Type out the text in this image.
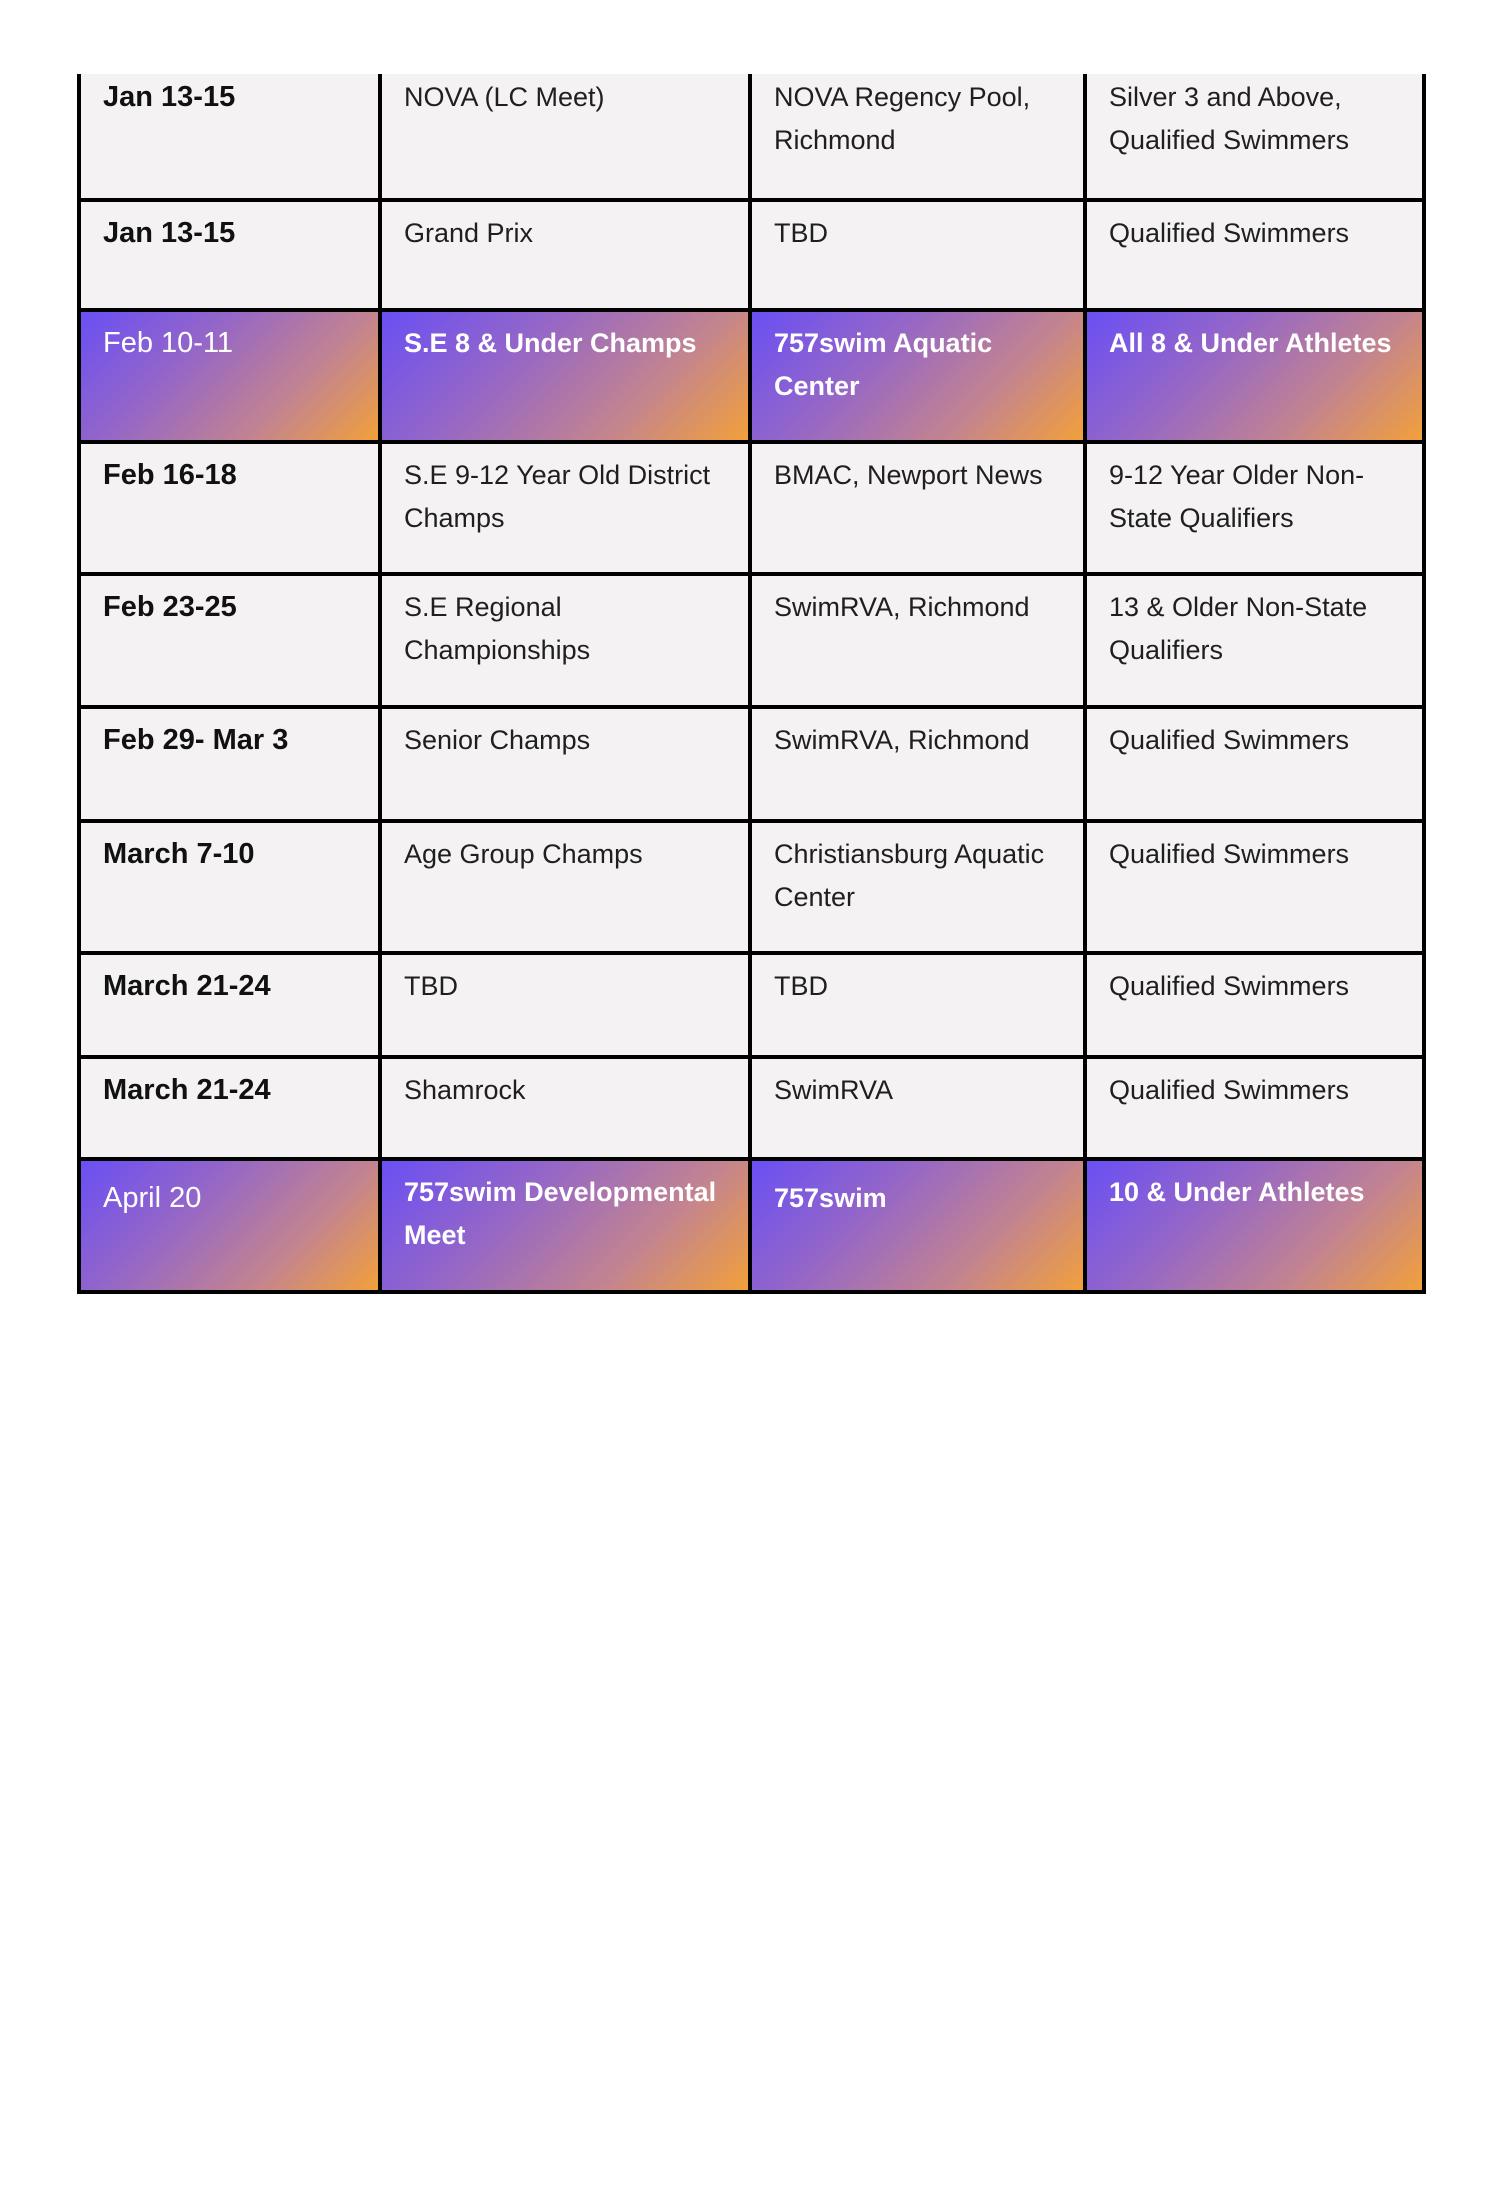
Jan 13-15	NOVA (LC Meet)	NOVA Regency Pool, Richmond	Silver 3 and Above, Qualified Swimmers
Jan 13-15	Grand Prix	TBD	Qualified Swimmers
Feb 10-11	S.E 8 & Under Champs	757swim Aquatic Center	All 8 & Under Athletes
Feb 16-18	S.E 9-12 Year Old District Champs	BMAC, Newport News	9-12 Year Older Non-State Qualifiers
Feb 23-25	S.E Regional Championships	SwimRVA, Richmond	13 & Older Non-State Qualifiers
Feb 29- Mar 3	Senior Champs	SwimRVA, Richmond	Qualified Swimmers
March 7-10	Age Group Champs	Christiansburg Aquatic Center	Qualified Swimmers
March 21-24	TBD	TBD	Qualified Swimmers
March 21-24	Shamrock	SwimRVA	Qualified Swimmers
April 20	757swim Developmental Meet	757swim	10 & Under Athletes
